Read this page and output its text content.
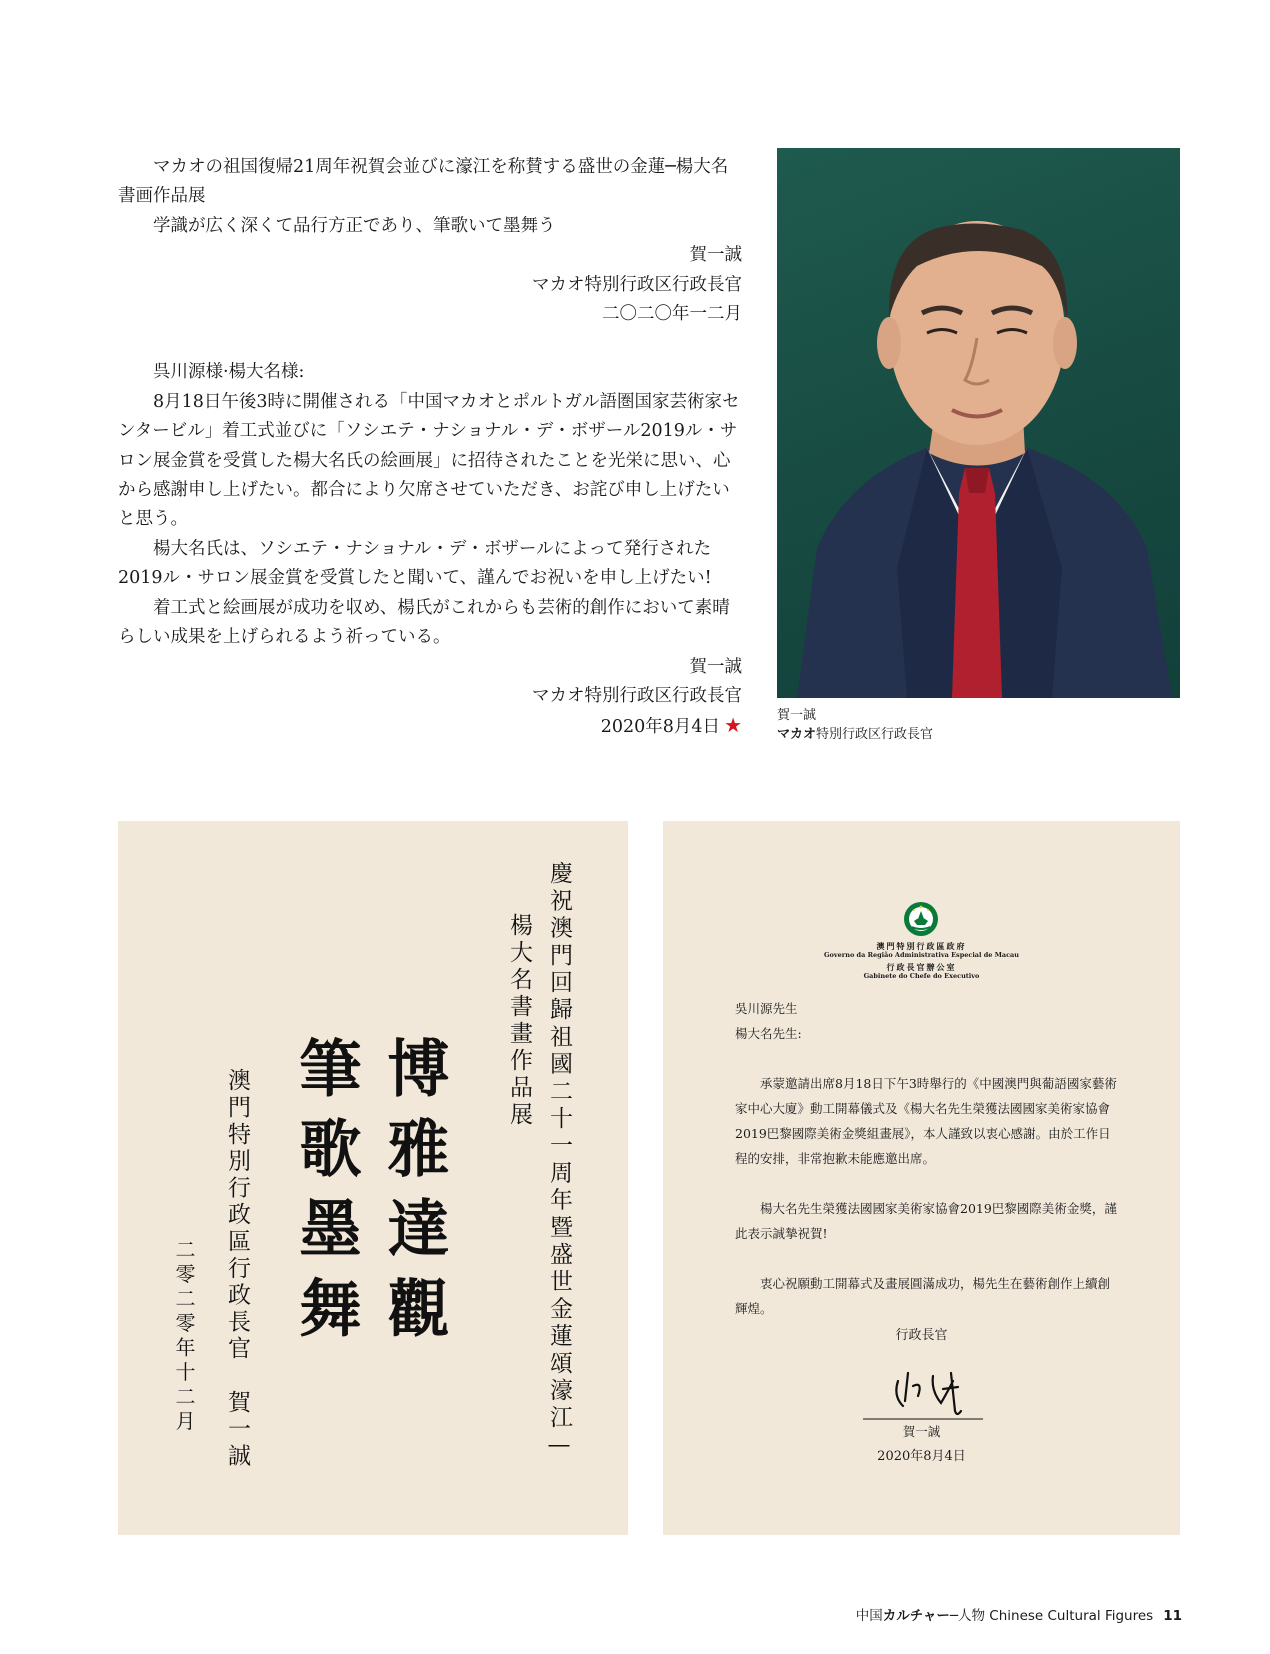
マカオの祖国復帰21周年祝賀会並びに濠江を称賛する盛世の金蓮─楊大名書画作品展

学識が広く深くて品行方正であり、筆歌いて墨舞う

賀一誠

マカオ特別行政区行政長官

二〇二〇年一二月

呉川源様·楊大名様:

8月18日午後3時に開催される「中国マカオとポルトガル語圏国家芸術家センタービル」着工式並びに「ソシエテ・ナショナル・デ・ボザール2019ル・サロン展金賞を受賞した楊大名氏の絵画展」に招待されたことを光栄に思い、心から感謝申し上げたい。都合により欠席させていただき、お詫び申し上げたいと思う。

楊大名氏は、ソシエテ・ナショナル・デ・ボザールによって発行された2019ル・サロン展金賞を受賞したと聞いて、謹んでお祝いを申し上げたい!

着工式と絵画展が成功を収め、楊氏がこれからも芸術的創作において素晴らしい成果を上げられるよう祈っている。

賀一誠

マカオ特別行政区行政長官

2020年8月4日 ★	賀一誠
マカオ特別行政区行政長官
慶祝澳門回歸祖國二十一周年暨盛世金蓮頌濠江—
楊大名書畫作品展
博雅達觀
筆歌墨舞
澳門特別行政區行政長官　賀一誠
二零二零年十二月
澳門特別行政區政府
Governo da Região Administrativa Especial de Macau
行政長官辦公室
Gabinete do Chefe do Executivo

吳川源先生

楊大名先生:

承蒙邀請出席8月18日下午3時舉行的《中國澳門與葡語國家藝術家中心大廈》動工開幕儀式及《楊大名先生榮獲法國國家美術家協會2019巴黎國際美術金獎組畫展》，本人謹致以衷心感謝。由於工作日程的安排，非常抱歉未能應邀出席。

楊大名先生榮獲法國國家美術家協會2019巴黎國際美術金獎，謹此表示誠摯祝賀!

衷心祝願動工開幕式及畫展圓滿成功，楊先生在藝術創作上續創輝煌。

行政長官
賀一誠
2020年8月4日
中国カルチャー─人物 Chinese Cultural Figures 11
